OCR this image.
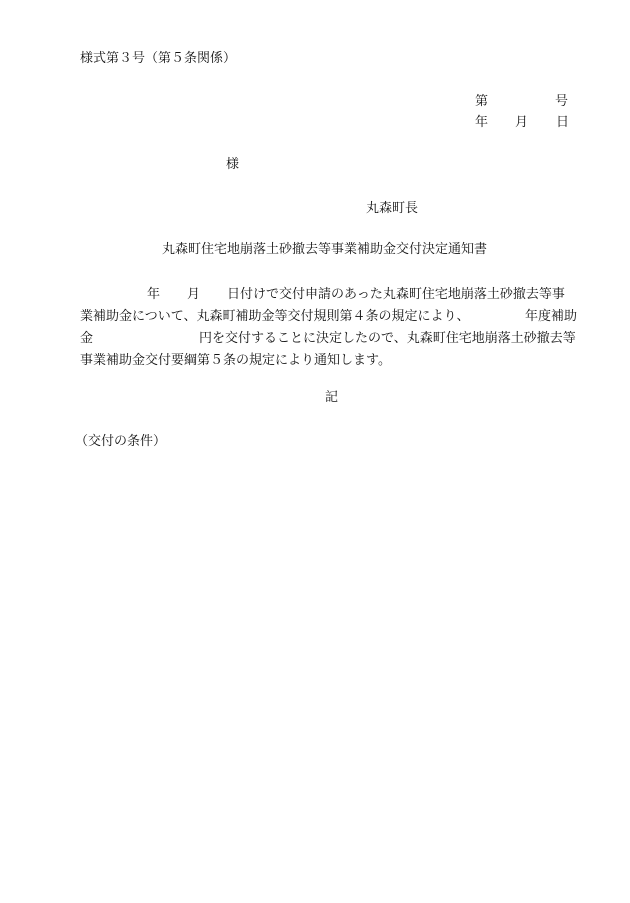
様式第３号（第５条関係）
第	号
年 月 日
様
丸森町長
丸森町住宅地崩落土砂撤去等事業補助金交付決定通知書
年 月 日付けで交付申請のあった丸森町住宅地崩落土砂撤去等事
業補助金について、丸森町補助金等交付規則第４条の規定により、	年度補助
金	円を交付することに決定したので、丸森町住宅地崩落土砂撤去等
事業補助金交付要綱第５条の規定により通知します。
記
（交付の条件）
